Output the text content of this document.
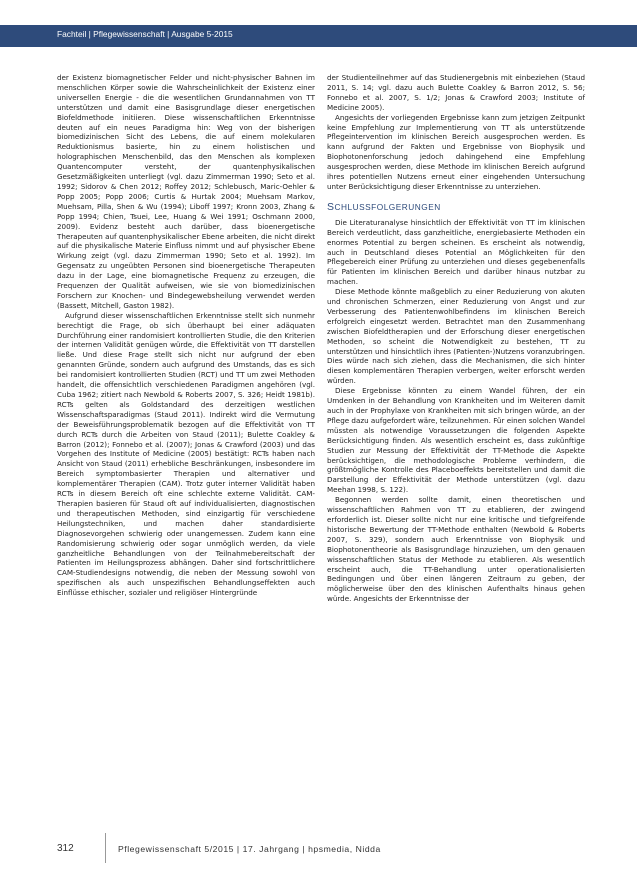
Fachteil | Pflegewissenschaft | Ausgabe 5-2015

der Existenz biomagnetischer Felder und nicht-physischer Bahnen im menschlichen Körper sowie die Wahrscheinlichkeit der Existenz einer universellen Energie - die die wesentlichen Grundannahmen von TT unterstützen und damit eine Basisgrundlage dieser energetischen Biofeldmethode initiieren. Diese wissenschaftlichen Erkenntnisse deuten auf ein neues Paradigma hin: Weg von der bisherigen biomedizinischen Sicht des Lebens, die auf einem molekularen Reduktionismus basierte, hin zu einem holistischen und holographischen Menschenbild, das den Menschen als komplexen Quantencomputer versteht, der quantenphysikalischen Gesetzmäßigkeiten unterliegt (vgl. dazu Zimmerman 1990; Seto et al. 1992; Sidorov & Chen 2012; Roffey 2012; Schlebusch, Maric-Oehler & Popp 2005; Popp 2006; Curtis & Hurtak 2004; Muehsam Markov, Muehsam, Pilla, Shen & Wu (1994); Liboff 1997; Kronn 2003, Zhang & Popp 1994; Chien, Tsuei, Lee, Huang & Wei 1991; Oschmann 2000, 2009). Evidenz besteht auch darüber, dass bioenergetische Therapeuten auf quantenphysikalischer Ebene arbeiten, die nicht direkt auf die physikalische Materie Einfluss nimmt und auf physischer Ebene Wirkung zeigt (vgl. dazu Zimmerman 1990; Seto et al. 1992). Im Gegensatz zu ungeübten Personen sind bioenergetische Therapeuten dazu in der Lage, eine biomagnetische Frequenz zu erzeugen, die Frequenzen der Qualität aufweisen, wie sie von biomedizinischen Forschern zur Knochen- und Bindegewebsheilung verwendet werden (Bassett, Mitchell, Gaston 1982).

Aufgrund dieser wissenschaftlichen Erkenntnisse stellt sich nunmehr berechtigt die Frage, ob sich überhaupt bei einer adäquaten Durchführung einer randomisiert kontrollierten Studie, die den Kriterien der internen Validität genügen würde, die Effektivität von TT darstellen ließe. Und diese Frage stellt sich nicht nur aufgrund der eben genannten Gründe, sondern auch aufgrund des Umstands, das es sich bei randomisiert kontrollierten Studien (RCT) und TT um zwei Methoden handelt, die offensichtlich verschiedenen Paradigmen angehören (vgl. Cuba 1962; zitiert nach Newbold & Roberts 2007, S. 326; Heidt 1981b). RCTs gelten als Goldstandard des derzeitigen westlichen Wissenschaftsparadigmas (Staud 2011). Indirekt wird die Vermutung der Beweisführungsproblematik bezogen auf die Effektivität von TT durch RCTs durch die Arbeiten von Staud (2011); Bulette Coakley & Barron (2012); Fonnebo et al. (2007); Jonas & Crawford (2003) und das Vorgehen des Institute of Medicine (2005) bestätigt: RCTs haben nach Ansicht von Staud (2011) erhebliche Beschränkungen, insbesondere im Bereich symptombasierter Therapien und alternativer und komplementärer Therapien (CAM). Trotz guter interner Validität haben RCTs in diesem Bereich oft eine schlechte externe Validität. CAM-Therapien basieren für Staud oft auf individualisierten, diagnostischen und therapeutischen Methoden, sind einzigartig für verschiedene Heilungstechniken, und machen daher standardisierte Diagnosevorgehen schwierig oder unangemessen. Zudem kann eine Randomisierung schwierig oder sogar unmöglich werden, da viele ganzheitliche Behandlungen von der Teilnahmebereitschaft der Patienten im Heilungsprozess abhängen. Daher sind fortschrittlichere CAM-Studiendesigns notwendig, die neben der Messung sowohl von spezifischen als auch unspezifischen Behandlungseffekten auch Einflüsse ethischer, sozialer und religiöser Hintergründe

der Studienteilnehmer auf das Studienergebnis mit einbeziehen (Staud 2011, S. 14; vgl. dazu auch Bulette Coakley & Barron 2012, S. 56; Fonnebo et al. 2007, S. 1/2; Jonas & Crawford 2003; Institute of Medicine 2005).

Angesichts der vorliegenden Ergebnisse kann zum jetzigen Zeitpunkt keine Empfehlung zur Implementierung von TT als unterstützende Pflegeintervention im klinischen Bereich ausgesprochen werden. Es kann aufgrund der Fakten und Ergebnisse von Biophysik und Biophotonenforschung jedoch dahingehend eine Empfehlung ausgesprochen werden, diese Methode im klinischen Bereich aufgrund ihres potentiellen Nutzens erneut einer eingehenden Untersuchung unter Berücksichtigung dieser Erkenntnisse zu unterziehen.

SCHLUSSFOLGERUNGEN

Die Literaturanalyse hinsichtlich der Effektivität von TT im klinischen Bereich verdeutlicht, dass ganzheitliche, energiebasierte Methoden ein enormes Potential zu bergen scheinen. Es erscheint als notwendig, auch in Deutschland dieses Potential an Möglichkeiten für den Pflegebereich einer Prüfung zu unterziehen und dieses gegebenenfalls für Patienten im klinischen Bereich und darüber hinaus nutzbar zu machen.

Diese Methode könnte maßgeblich zu einer Reduzierung von akuten und chronischen Schmerzen, einer Reduzierung von Angst und zur Verbesserung des Patientenwohlbefindens im klinischen Bereich erfolgreich eingesetzt werden. Betrachtet man den Zusammenhang zwischen Biofeldtherapien und der Erforschung dieser energetischen Methoden, so scheint die Notwendigkeit zu bestehen, TT zu unterstützen und hinsichtlich ihres (Patienten-)Nutzens voranzubringen. Dies würde nach sich ziehen, dass die Mechanismen, die sich hinter diesen komplementären Therapien verbergen, weiter erforscht werden würden.

Diese Ergebnisse könnten zu einem Wandel führen, der ein Umdenken in der Behandlung von Krankheiten und im Weiteren damit auch in der Prophylaxe von Krankheiten mit sich bringen würde, an der Pflege dazu aufgefordert wäre, teilzunehmen. Für einen solchen Wandel müssten als notwendige Voraussetzungen die folgenden Aspekte Berücksichtigung finden. Als wesentlich erscheint es, dass zukünftige Studien zur Messung der Effektivität der TT-Methode die Aspekte berücksichtigen, die methodologische Probleme verhindern, die größtmögliche Kontrolle des Placeboeffekts bereitstellen und damit die Darstellung der Effektivität der Methode unterstützen (vgl. dazu Meehan 1998, S. 122).

Begonnen werden sollte damit, einen theoretischen und wissenschaftlichen Rahmen von TT zu etablieren, der zwingend erforderlich ist. Dieser sollte nicht nur eine kritische und tiefgreifende historische Bewertung der TT-Methode enthalten (Newbold & Roberts 2007, S. 329), sondern auch Erkenntnisse von Biophysik und Biophotonentheorie als Basisgrundlage hinzuziehen, um den genauen wissenschaftlichen Status der Methode zu etablieren. Als wesentlich erscheint auch, die TT-Behandlung unter operationalisierten Bedingungen und über einen längeren Zeitraum zu geben, der möglicherweise über den des klinischen Aufenthalts hinaus gehen würde. Angesichts der Erkenntnisse der

312	Pflegewissenschaft 5/2015 | 17. Jahrgang | hpsmedia, Nidda
